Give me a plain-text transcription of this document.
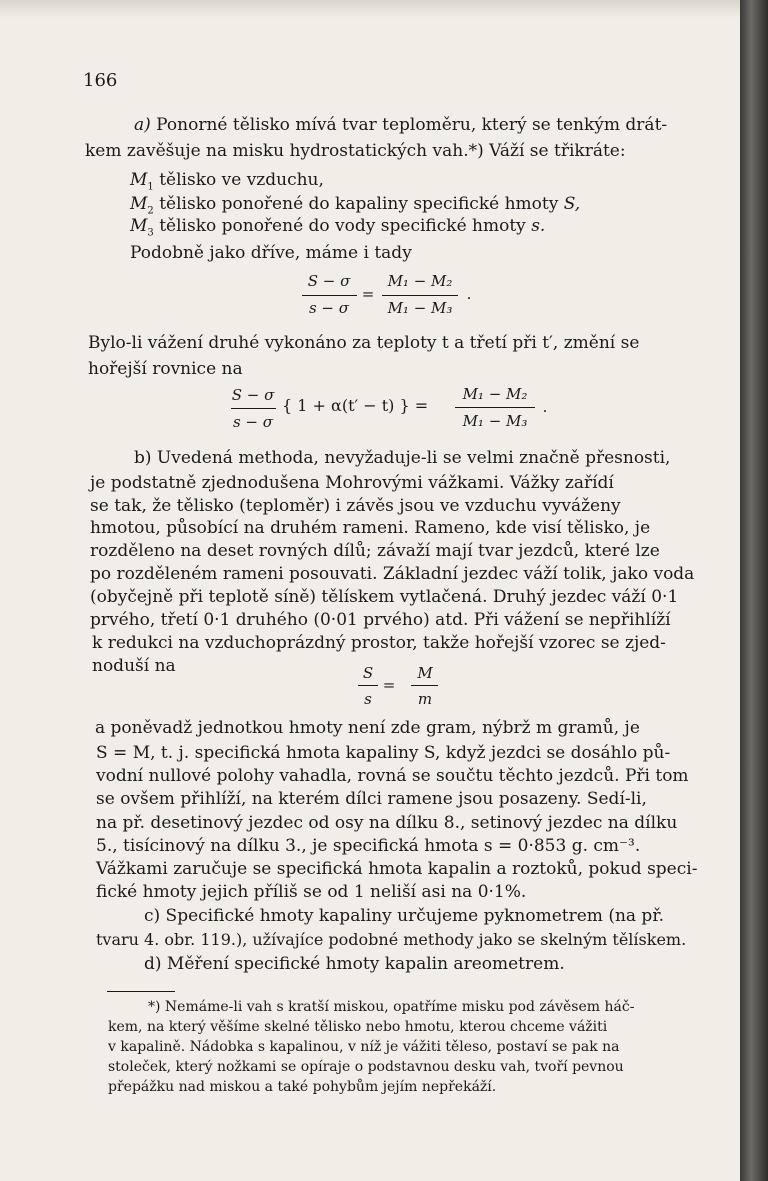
166
a) Ponorné tělisko mívá tvar teploměru, který se tenkým drát-
kem zavěšuje na misku hydrostatických vah.*) Váží se třikráte:
$M_1$ tělisko ve vzduchu,
$M_2$ tělisko ponořené do kapaliny specifické hmoty S,
$M_3$ tělisko ponořené do vody specifické hmoty s.
Podobně jako dříve, máme i tady
S − σ
s − σ
=
M₁ − M₂
M₁ − M₃
.
Bylo-li vážení druhé vykonáno za teploty t a třetí při t′, změní se
hořejší rovnice na
S − σ
s − σ
{ 1 + α(t′ − t) } =
M₁ − M₂
M₁ − M₃
.
b) Uvedená methoda, nevyžaduje-li se velmi značně přesnosti,
je podstatně zjednodušena Mohrovými vážkami. Vážky zařídí
se tak, že tělisko (teploměr) i závěs jsou ve vzduchu vyváženy
hmotou, působící na druhém rameni. Rameno, kde visí tělisko, je
rozděleno na deset rovných dílů; závaží mají tvar jezdců, které lze
po rozděleném rameni posouvati. Základní jezdec váží tolik, jako voda
(obyčejně při teplotě síně) tělískem vytlačená. Druhý jezdec váží 0·1
prvého, třetí 0·1 druhého (0·01 prvého) atd. Při vážení se nepřihlíží
k redukci na vzduchoprázdný prostor, takže hořejší vzorec se zjed-
noduší na	S
s
=
M
m
a poněvadž jednotkou hmoty není zde gram, nýbrž m gramů, je
S = M, t. j. specifická hmota kapaliny S, když jezdci se dosáhlo pů-
vodní nullové polohy vahadla, rovná se součtu těchto jezdců. Při tom
se ovšem přihlíží, na kterém dílci ramene jsou posazeny. Sedí-li,
na př. desetinový jezdec od osy na dílku 8., setinový jezdec na dílku
5., tisícinový na dílku 3., je specifická hmota s = 0·853 g. cm⁻³.
Vážkami zaručuje se specifická hmota kapalin a roztoků, pokud speci-
fické hmoty jejich příliš se od 1 neliší asi na 0·1%.
c) Specifické hmoty kapaliny určujeme pyknometrem (na př.
tvaru 4. obr. 119.), užívajíce podobné methody jako se skelným tělískem.
d) Měření specifické hmoty kapalin areometrem.
*) Nemáme-li vah s kratší miskou, opatříme misku pod závěsem háč-
kem, na který věšíme skelné tělisko nebo hmotu, kterou chceme vážiti
v kapalině. Nádobka s kapalinou, v níž je vážiti těleso, postaví se pak na
stoleček, který nožkami se opírajе o podstavnou desku vah, tvoří pevnou
přepážku nad miskou a také pohybům jejím nepřekáží.
